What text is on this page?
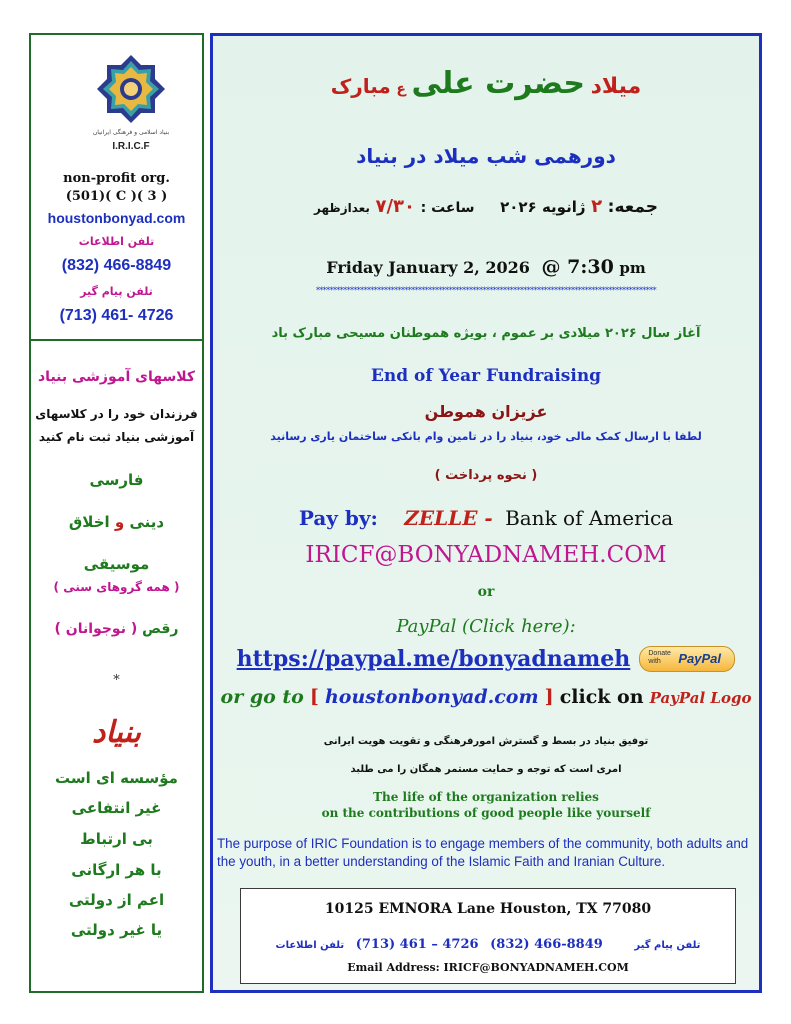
بنیاد اسلامی و فرهنگی ایرانیان
I.R.I.C.F
non-profit org.
(501)( C )( 3 )
houstonbonyad.com
تلفن اطلاعات
(832) 466-8849
تلفن پیام گیر
(713) 461- 4726
کلاسهای آموزشی بنیاد
فرزندان خود را در کلاسهای
آموزشی بنیاد ثبت نام کنید
فارسی
دینی و اخلاق
موسیقی
( همه گروهای سنی )
رقص ( نوجوانان )
*
بنیاد
مؤسسه ای است
غیر انتفاعی
بی ارتباط
با هر ارگانی
اعم از دولتی
یا غیر دولتی
میلاد حضرت علی ع مبارک
دورهمی شب میلاد در بنیاد
جمعه: ۲ ژانویه ۲۰۲۶ ساعت : ۷/۳۰ بعدازظهر
Friday January 2, 2026 @ 7:30 pm
****************************************************************************************************
آغاز سال ۲۰۲۶ میلادی بر عموم ، بویژه هموطنان مسیحی مبارک باد
End of Year Fundraising
عزیزان هموطن
لطفا با ارسال کمک مالی خود، بنیاد را در تامین وام بانکی ساختمان یاری رسانید
( نحوه پرداخت )
Pay by: ZELLE - Bank of America
IRICF@BONYADNAMEH.COM
or
PayPal (Click here):
https://paypal.me/bonyadnameh	Donate
with	PayPal
or go to [ houstonbonyad.com ] click on PayPal Logo
توفیق بنیاد در بسط و گسترش امورفرهنگی و تقویت هویت ایرانی
امری است که توجه و حمایت مستمر همگان را می طلبد
The life of the organization relies
on the contributions of good people like yourself
The purpose of IRIC Foundation is to engage members of the community, both adults and the youth, in a better understanding of the Islamic Faith and Iranian Culture.
10125 EMNORA Lane Houston, TX 77080
تلفن پیام گیر (713) 461 – 4726 (832) 466-8849 تلفن اطلاعات
Email Address: IRICF@BONYADNAMEH.COM
